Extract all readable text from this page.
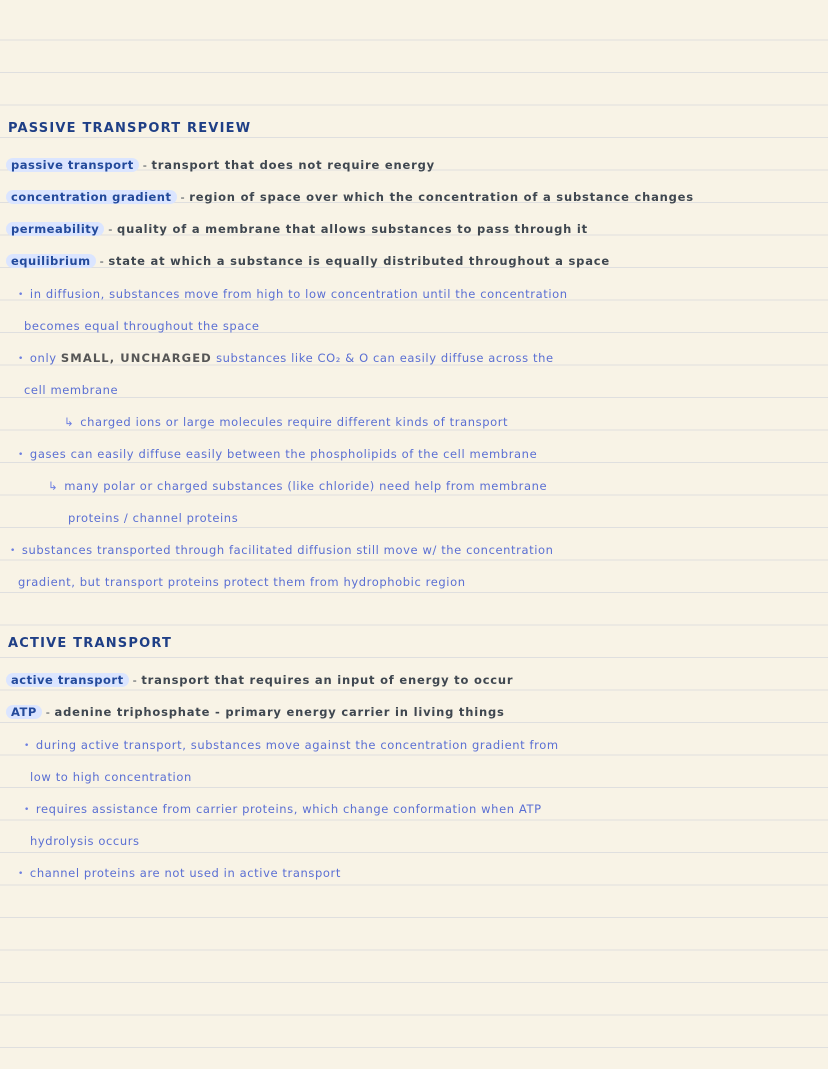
PASSIVE TRANSPORT REVIEW
passive transport - transport that does not require energy
concentration gradient - region of space over which the concentration of a substance changes
permeability - quality of a membrane that allows substances to pass through it
equilibrium - state at which a substance is equally distributed throughout a space
• in diffusion, substances move from high to low concentration until the concentration
becomes equal throughout the space
• only SMALL, UNCHARGED substances like CO₂ & O can easily diffuse across the
cell membrane
↳ charged ions or large molecules require different kinds of transport
• gases can easily diffuse easily between the phospholipids of the cell membrane
↳ many polar or charged substances (like chloride) need help from membrane
proteins / channel proteins
• substances transported through facilitated diffusion still move w/ the concentration
gradient, but transport proteins protect them from hydrophobic region
ACTIVE TRANSPORT
active transport - transport that requires an input of energy to occur
ATP - adenine triphosphate - primary energy carrier in living things
• during active transport, substances move against the concentration gradient from
low to high concentration
• requires assistance from carrier proteins, which change conformation when ATP
hydrolysis occurs
• channel proteins are not used in active transport
